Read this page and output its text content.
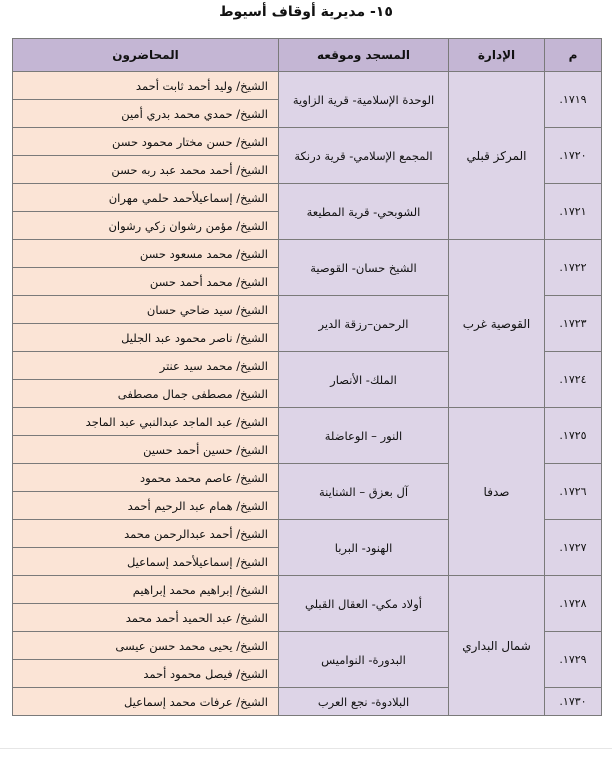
١٥- مديرية أوقاف أسيوط
م	الإدارة	المسجد وموقعه	المحاضرون
١٧١٩.	المركز قبلي	الوحدة الإسلامية- قرية الزاوية	الشيخ/ وليد أحمد ثابت أحمد
			الشيخ/ حمدي محمد بدري أمين
١٧٢٠.		المجمع الإسلامي- قرية درنكة	الشيخ/ حسن مختار محمود حسن
			الشيخ/ أحمد محمد عبد ربه حسن
١٧٢١.		الشوبحي- قرية المطيعة	الشيخ/ إسماعيلأحمد حلمي مهران
			الشيخ/ مؤمن رشوان زكي رشوان
١٧٢٢.	القوصية غرب	الشيخ حسان- القوصية	الشيخ/ محمد مسعود حسن
			الشيخ/ محمد أحمد حسن
١٧٢٣.		الرحمن–رزقة الدير	الشيخ/ سيد ضاحي حسان
			الشيخ/ ناصر محمود عبد الجليل
١٧٢٤.		الملك- الأنصار	الشيخ/ محمد سيد عنتر
			الشيخ/ مصطفى جمال مصطفى
١٧٢٥.	صدفا	النور – الوعاضلة	الشيخ/ عبد الماجد عبدالنبي عبد الماجد
			الشيخ/ حسين أحمد حسين
١٧٢٦.		آل بعزق – الشناينة	الشيخ/ عاصم محمد محمود
			الشيخ/ همام عبد الرحيم أحمد
١٧٢٧.		الهنود- البربا	الشيخ/ أحمد عبدالرحمن محمد
			الشيخ/ إسماعيلأحمد إسماعيل
١٧٢٨.	شمال البداري	أولاد مكي- العقال القبلي	الشيخ/ إبراهيم محمد إبراهيم
			الشيخ/ عبد الحميد أحمد محمد
١٧٢٩.		البدورة- النواميس	الشيخ/ يحيى محمد حسن عيسى
			الشيخ/ فيصل محمود أحمد
١٧٣٠.		البلادوة- نجع العرب	الشيخ/ عرفات محمد إسماعيل
